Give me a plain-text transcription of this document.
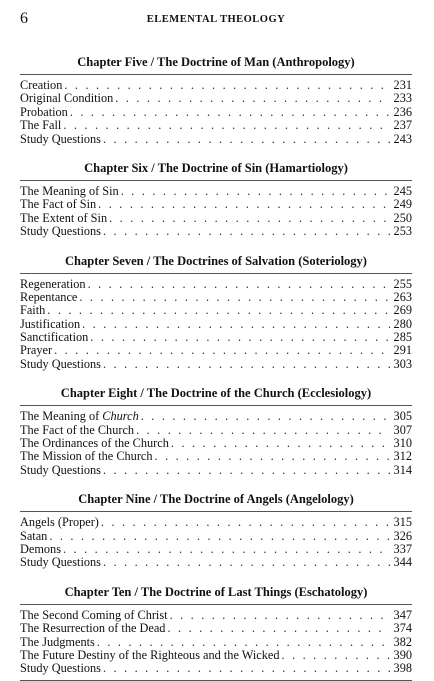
6	ELEMENTAL THEOLOGY
Chapter Five / The Doctrine of Man (Anthropology)
Creation . . .	231
Original Condition . . .	233
Probation . . .	236
The Fall . . .	237
Study Questions . . .	243
Chapter Six / The Doctrine of Sin (Hamartiology)
The Meaning of Sin . . .	245
The Fact of Sin . . .	249
The Extent of Sin . . .	250
Study Questions . . .	253
Chapter Seven / The Doctrines of Salvation (Soteriology)
Regeneration . . .	255
Repentance . . .	263
Faith . . .	269
Justification . . .	280
Sanctification . . .	285
Prayer . . .	291
Study Questions . . .	303
Chapter Eight / The Doctrine of the Church (Ecclesiology)
The Meaning of Church . . .	305
The Fact of the Church . . .	307
The Ordinances of the Church . . .	310
The Mission of the Church . . .	312
Study Questions . . .	314
Chapter Nine / The Doctrine of Angels (Angelology)
Angels (Proper) . . .	315
Satan . . .	326
Demons . . .	337
Study Questions . . .	344
Chapter Ten / The Doctrine of Last Things (Eschatology)
The Second Coming of Christ . . .	347
The Resurrection of the Dead . . .	374
The Judgments . . .	382
The Future Destiny of the Righteous and the Wicked . . .	390
Study Questions . . .	398
